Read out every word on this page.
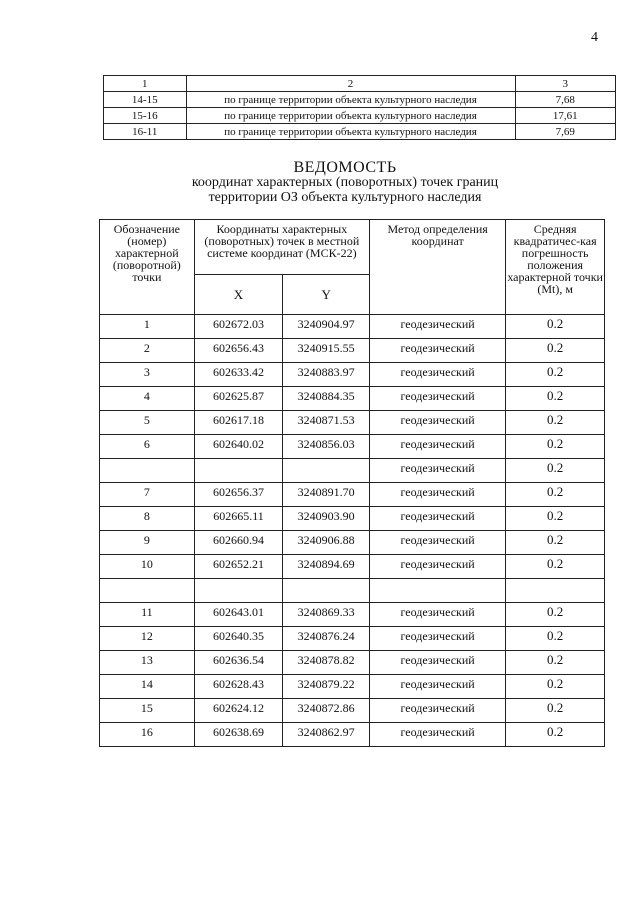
4
1	2	3
14-15	по границе территории объекта культурного наследия	7,68
15-16	по границе территории объекта культурного наследия	17,61
16-11	по границе территории объекта культурного наследия	7,69
ВЕДОМОСТЬ
координат характерных (поворотных) точек границ
территории ОЗ объекта культурного наследия
Обозначение (номер) характерной (поворотной) точки	Координаты характерных (поворотных) точек в местной системе координат (МСК-22)		Метод определения координат	Средняя квадратичес-кая погрешность положения характерной точки (Mt), м
	X	Y		
1	602672.03	3240904.97	геодезический	0.2
2	602656.43	3240915.55	геодезический	0.2
3	602633.42	3240883.97	геодезический	0.2
4	602625.87	3240884.35	геодезический	0.2
5	602617.18	3240871.53	геодезический	0.2
6	602640.02	3240856.03	геодезический	0.2
			геодезический	0.2
7	602656.37	3240891.70	геодезический	0.2
8	602665.11	3240903.90	геодезический	0.2
9	602660.94	3240906.88	геодезический	0.2
10	602652.21	3240894.69	геодезический	0.2

11	602643.01	3240869.33	геодезический	0.2
12	602640.35	3240876.24	геодезический	0.2
13	602636.54	3240878.82	геодезический	0.2
14	602628.43	3240879.22	геодезический	0.2
15	602624.12	3240872.86	геодезический	0.2
16	602638.69	3240862.97	геодезический	0.2
